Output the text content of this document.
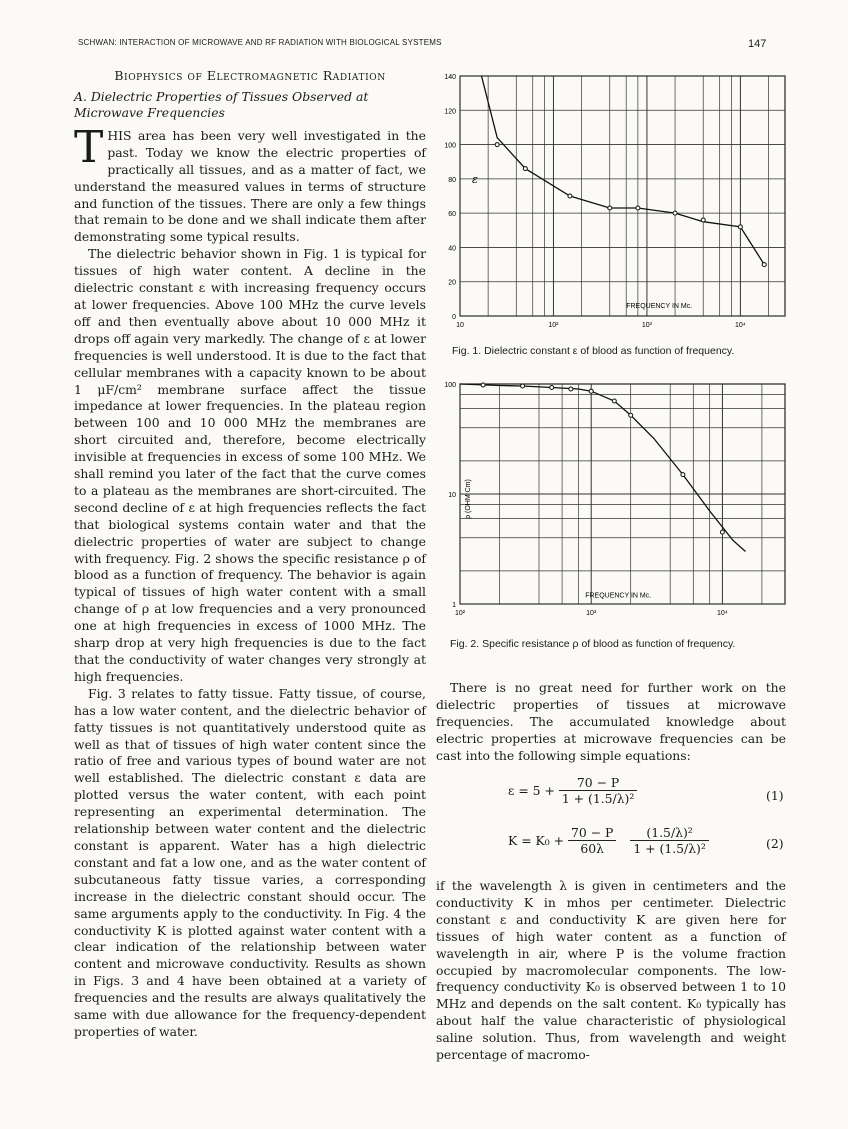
SCHWAN: INTERACTION OF MICROWAVE AND RF RADIATION WITH BIOLOGICAL SYSTEMS	147
Biophysics of Electromagnetic Radiation
A. Dielectric Properties of Tissues Observed at Microwave Frequencies

THIS area has been very well investigated in the past. Today we know the electric properties of practically all tissues, and as a matter of fact, we understand the measured values in terms of structure and function of the tissues. There are only a few things that remain to be done and we shall indicate them after demonstrating some typical results.

The dielectric behavior shown in Fig. 1 is typical for tissues of high water content. A decline in the dielectric constant ε with increasing frequency occurs at lower frequencies. Above 100 MHz the curve levels off and then eventually above about 10 000 MHz it drops off again very markedly. The change of ε at lower frequencies is well understood. It is due to the fact that cellular membranes with a capacity known to be about 1 μF/cm² membrane surface affect the tissue impedance at lower frequencies. In the plateau region between 100 and 10 000 MHz the membranes are short circuited and, therefore, become electrically invisible at frequencies in excess of some 100 MHz. We shall remind you later of the fact that the curve comes to a plateau as the membranes are short-circuited. The second decline of ε at high frequencies reflects the fact that biological systems contain water and that the dielectric properties of water are subject to change with frequency. Fig. 2 shows the specific resistance ρ of blood as a function of frequency. The behavior is again typical of tissues of high water content with a small change of ρ at low frequencies and a very pronounced one at high frequencies in excess of 1000 MHz. The sharp drop at very high frequencies is due to the fact that the conductivity of water changes very strongly at high frequencies.

Fig. 3 relates to fatty tissue. Fatty tissue, of course, has a low water content, and the dielectric behavior of fatty tissues is not quantitatively understood quite as well as that of tissues of high water content since the ratio of free and various types of bound water are not well established. The dielectric constant ε data are plotted versus the water content, with each point representing an experimental determination. The relationship between water content and the dielectric constant is apparent. Water has a high dielectric constant and fat a low one, and as the water content of subcutaneous fatty tissue varies, a corresponding increase in the dielectric constant should occur. The same arguments apply to the conductivity. In Fig. 4 the conductivity K is plotted against water content with a clear indication of the relationship between water content and microwave conductivity. Results as shown in Figs. 3 and 4 have been obtained at a variety of frequencies and the results are always qualitatively the same with due allowance for the frequency-dependent properties of water.

0
20
40
60
80
100
120
140
10	10²	10³	10⁴
ε
FREQUENCY IN Mc.
Fig. 1. Dielectric constant ε of blood as function of frequency.
1
10
100
10²	10³	10⁴
ρ (OHM Cm)
FREQUENCY IN Mc.
Fig. 2. Specific resistance ρ of blood as function of frequency.

There is no great need for further work on the dielectric properties of tissues at microwave frequencies. The accumulated knowledge about electric properties at microwave frequencies can be cast into the following simple equations:

$\varepsilon = 5 + \frac{70 - P}{\text{1 + (1.5/λ)²}}$	(1)
$K = K_0 + \frac{70 - P}{60\lambda}$
$\frac{\text{(1.5/λ)²}}{\text{1 + (1.5/λ)²}}$	(2)

if the wavelength λ is given in centimeters and the conductivity K in mhos per centimeter. Dielectric constant ε and conductivity K are given here for tissues of high water content as a function of wavelength in air, where P is the volume fraction occupied by macromolecular components. The low-frequency conductivity K₀ is observed between 1 to 10 MHz and depends on the salt content. K₀ typically has about half the value characteristic of physiological saline solution. Thus, from wavelength and weight percentage of macromo-
